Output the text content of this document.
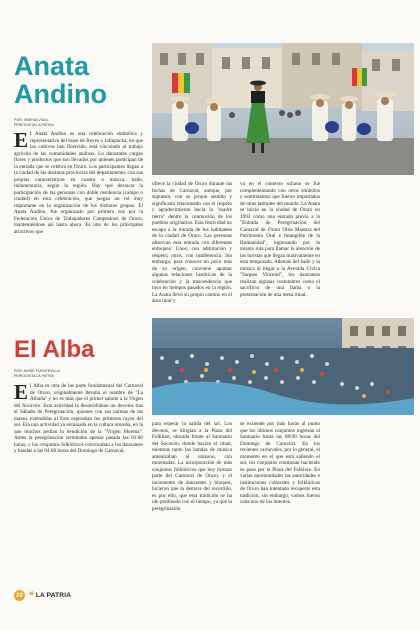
Anata
Andino
POR: XIMENA VIDAL
PERIODISTA LA PATRIA
E l Anata Andino es una celebración simbólica y representativa del buen de Reyes o Jallupacha, en que los cultivos han florecido, está vinculado al trabajo agrícola de las comunidades andinas. Lo danzantes cargan flores y productos que son llevados por quienes participan de la entrada que se celebra en Oruro. Los participantes llegan a la ciudad de las distintas provincias del departamento, con sus propias características en cuanto a música, baile, indumentaria, según la región. Hay que destacar la participación de las personas con doble residencia (campo o ciudad) en esta celebración, que juegan un rol muy importante en la organización de los distintos grupos. El Anata Andino, fue organizado por primera vez por la Federación Única de Trabajadores Campesinos de Oruro, manteniéndose así hasta ahora. Es uno de los principales atractivos que

ofrece la ciudad de Oruro durante las fechas de Carnaval, aunque, por supuesto, con su propio sentido y significado relacionado con el respeto y agradecimiento hacia la "madre tierra" dentro la conmoción de los pueblos originarios. Esta festividad no escapa a la mirada de los habitantes de la ciudad de Oruro. Las personas observan esta entrada con diferentes enfoques: Unos, con admiración y respeto; otros, con indiferencia. Sin embargo, para conocer un poco más de su origen, conviene apuntar algunas relaciones históricas de la celebración y la trascendencia que tuvo en tiempos pasados en la región. La Anata llevó su propio camino en el área rural y

va en el contexto urbano se fue complementando con otros símbolos y sentimientos que fueron importados de otras latitudes del mundo. La Anata se inició en la ciudad de Oruro en 1993 como una entrada previa a la "Entrada de Peregrinación del Carnaval de Oruro Obra Maestra del Patrimonio Oral e Intangible de la Humanidad", ingresando por la misma ruta para llamar la atención de los turistas que llegan masivamente en esta temporada. Además del baile y la música al llegar a la Avenida Cívica "Saqueo Vincenti", los danzantes realizan algunas costumbres como el sacrificio de una llama o la presentación de una mesa ritual.

El Alba
POR: ANGIE FUENTEVILLA
PERIODISTA LA PATRIA
E l Alba es otra de las parte fundamental del Carnaval de Oruro, originalmente llevaba el nombre de "La Albada" y no es más que el primer saludo a la Virgen del Socavón. Esta actividad la desarrollaban un devotos tras el Sábado de Peregrinación, quienes con sus palmas de las manos extendidas al Este esperaban los primeros rayos del sol. Era una actividad ya enraizada en la cultura orureña, en la que muchos pedían la bendición de la "Virgen Morena". Antes la peregrinación terminaba apenas pasada las 01:00 horas, y los conjuntos folklóricos convocaban a los danzantes y bandas a las 04:00 horas del Domingo de Carnaval,

para esperar la salida del sol. Los devotos, se dirigían a la Plaza del Folklore, ubicada frente al Santuario del Socavón, donde hacían el ritual, mientras tanto las bandas de música amenizaban al unísono, con morenadas. La incorporación de más conjuntos folklóricos que hoy forman parte del Carnaval de Oruro, y el incremento de danzantes y bloques, hicieron que la demora del recorrido, es por ello, que esta tradición se ha ido perdiendo con el tiempo, ya que la peregrinación

se extiende por más horas al punto que los últimos conjuntos ingresan al Santuario hasta las 08:00 horas del Domingo de Carnaval. En los recientes carnavales, por lo general, el momento en el que está saliendo el sol, los conjuntos continúan haciendo su paso por la Plaza del Folklore. En varias oportunidades las autoridades e instituciones culturales y folklóricas de Oruro han intentado recuperar esta tradición, sin embargo, vamos fueron cada uno de los intentos.

20 ❝ LA PATRIA
